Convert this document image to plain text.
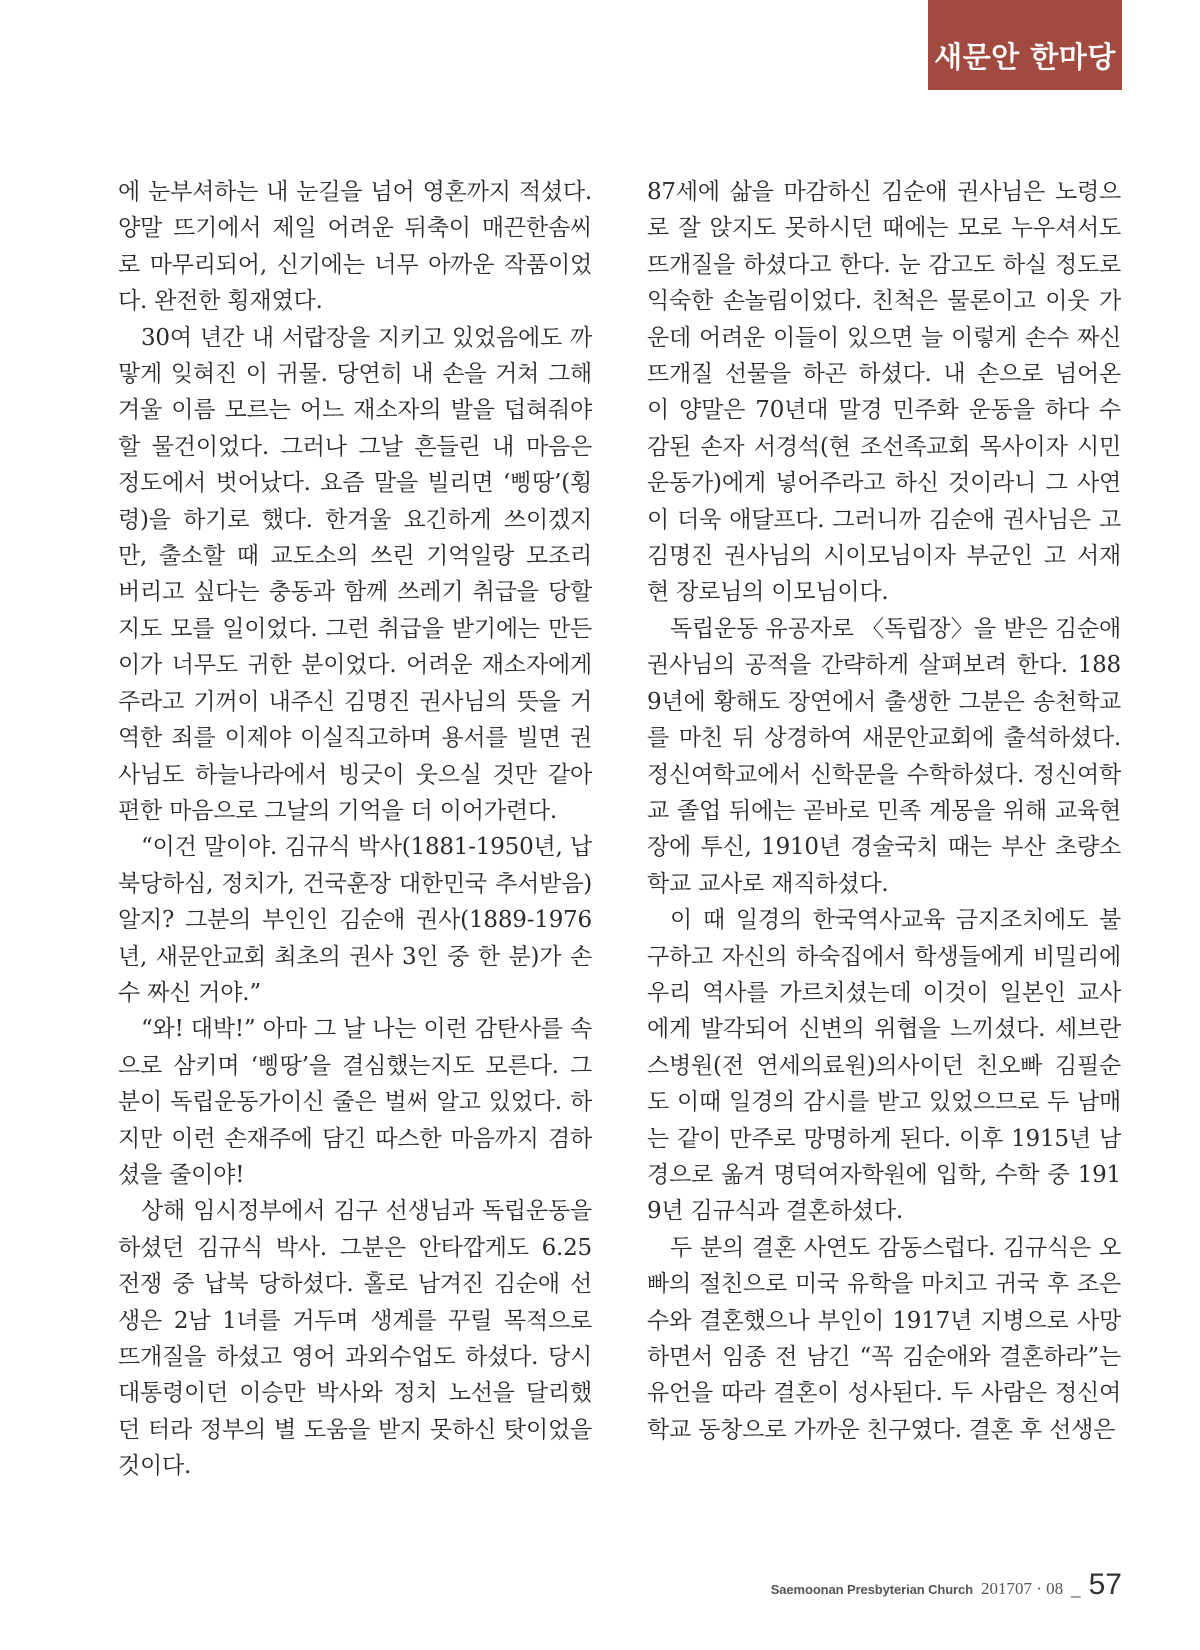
새문안 한마당

에 눈부셔하는 내 눈길을 넘어 영혼까지 적셨다. 양말 뜨기에서 제일 어려운 뒤축이 매끈한솜씨로 마무리되어, 신기에는 너무 아까운 작품이었다. 완전한 횡재였다.

30여 년간 내 서랍장을 지키고 있었음에도 까맣게 잊혀진 이 귀물. 당연히 내 손을 거쳐 그해 겨울 이름 모르는 어느 재소자의 발을 덥혀줘야 할 물건이었다. 그러나 그날 흔들린 내 마음은 정도에서 벗어났다. 요즘 말을 빌리면 ‘삥땅’(횡령)을 하기로 했다. 한겨울 요긴하게 쓰이겠지만, 출소할 때 교도소의 쓰린 기억일랑 모조리 버리고 싶다는 충동과 함께 쓰레기 취급을 당할지도 모를 일이었다. 그런 취급을 받기에는 만든 이가 너무도 귀한 분이었다. 어려운 재소자에게 주라고 기꺼이 내주신 김명진 권사님의 뜻을 거역한 죄를 이제야 이실직고하며 용서를 빌면 권사님도 하늘나라에서 빙긋이 웃으실 것만 같아 편한 마음으로 그날의 기억을 더 이어가련다.

“이건 말이야. 김규식 박사(1881-1950년, 납북당하심, 정치가, 건국훈장 대한민국 추서받음) 알지? 그분의 부인인 김순애 권사(1889-1976년, 새문안교회 최초의 권사 3인 중 한 분)가 손수 짜신 거야.”

“와! 대박!” 아마 그 날 나는 이런 감탄사를 속으로 삼키며 ‘삥땅’을 결심했는지도 모른다. 그분이 독립운동가이신 줄은 벌써 알고 있었다. 하지만 이런 손재주에 담긴 따스한 마음까지 겸하셨을 줄이야!

상해 임시정부에서 김구 선생님과 독립운동을 하셨던 김규식 박사. 그분은 안타깝게도 6.25 전쟁 중 납북 당하셨다. 홀로 남겨진 김순애 선생은 2남 1녀를 거두며 생계를 꾸릴 목적으로 뜨개질을 하셨고 영어 과외수업도 하셨다. 당시 대통령이던 이승만 박사와 정치 노선을 달리했던 터라 정부의 별 도움을 받지 못하신 탓이었을 것이다.

87세에 삶을 마감하신 김순애 권사님은 노령으로 잘 앉지도 못하시던 때에는 모로 누우셔서도 뜨개질을 하셨다고 한다. 눈 감고도 하실 정도로 익숙한 손놀림이었다. 친척은 물론이고 이웃 가운데 어려운 이들이 있으면 늘 이렇게 손수 짜신 뜨개질 선물을 하곤 하셨다. 내 손으로 넘어온 이 양말은 70년대 말경 민주화 운동을 하다 수감된 손자 서경석(현 조선족교회 목사이자 시민운동가)에게 넣어주라고 하신 것이라니 그 사연이 더욱 애달프다. 그러니까 김순애 권사님은 고 김명진 권사님의 시이모님이자 부군인 고 서재현 장로님의 이모님이다.

독립운동 유공자로 〈독립장〉을 받은 김순애 권사님의 공적을 간략하게 살펴보려 한다. 1889년에 황해도 장연에서 출생한 그분은 송천학교를 마친 뒤 상경하여 새문안교회에 출석하셨다. 정신여학교에서 신학문을 수학하셨다. 정신여학교 졸업 뒤에는 곧바로 민족 계몽을 위해 교육현장에 투신, 1910년 경술국치 때는 부산 초량소학교 교사로 재직하셨다.

이 때 일경의 한국역사교육 금지조치에도 불구하고 자신의 하숙집에서 학생들에게 비밀리에 우리 역사를 가르치셨는데 이것이 일본인 교사에게 발각되어 신변의 위협을 느끼셨다. 세브란스병원(전 연세의료원)의사이던 친오빠 김필순도 이때 일경의 감시를 받고 있었으므로 두 남매는 같이 만주로 망명하게 된다. 이후 1915년 남경으로 옮겨 명덕여자학원에 입학, 수학 중 1919년 김규식과 결혼하셨다.

두 분의 결혼 사연도 감동스럽다. 김규식은 오빠의 절친으로 미국 유학을 마치고 귀국 후 조은수와 결혼했으나 부인이 1917년 지병으로 사망하면서 임종 전 남긴 “꼭 김순애와 결혼하라”는 유언을 따라 결혼이 성사된다. 두 사람은 정신여학교 동창으로 가까운 친구였다. 결혼 후 선생은

Saemoonan Presbyterian Church 201707 · 08 _ 57
